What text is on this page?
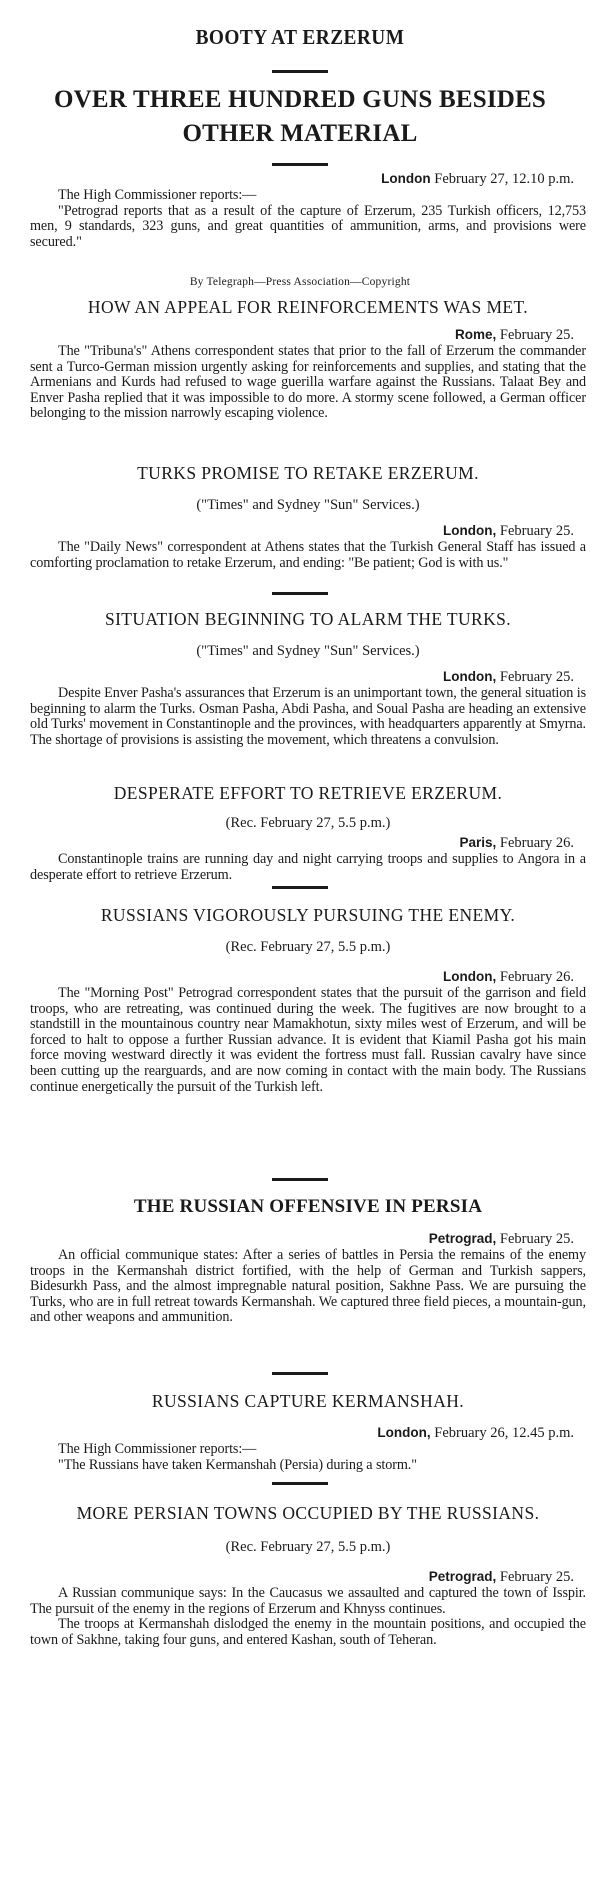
BOOTY AT ERZERUM
OVER THREE HUNDRED GUNS BESIDES OTHER MATERIAL

London February 27, 12.10 p.m.

The High Commissioner reports:—

"Petrograd reports that as a result of the capture of Erzerum, 235 Turkish officers, 12,753 men, 9 standards, 323 guns, and great quantities of ammunition, arms, and provisions were secured."

By Telegraph—Press Association—Copyright

HOW AN APPEAL FOR REINFORCEMENTS WAS MET.

Rome, February 25.

The "Tribuna's" Athens correspondent states that prior to the fall of Erzerum the commander sent a Turco-German mission urgently asking for reinforcements and supplies, and stating that the Armenians and Kurds had refused to wage guerilla warfare against the Russians. Talaat Bey and Enver Pasha replied that it was impossible to do more. A stormy scene followed, a German officer belonging to the mission narrowly escaping violence.

TURKS PROMISE TO RETAKE ERZERUM.

("Times" and Sydney "Sun" Services.)

London, February 25.

The "Daily News" correspondent at Athens states that the Turkish General Staff has issued a comforting proclamation to retake Erzerum, and ending: "Be patient; God is with us."

SITUATION BEGINNING TO ALARM THE TURKS.

("Times" and Sydney "Sun" Services.)

London, February 25.

Despite Enver Pasha's assurances that Erzerum is an unimportant town, the general situation is beginning to alarm the Turks. Osman Pasha, Abdi Pasha, and Soual Pasha are heading an extensive old Turks' movement in Constantinople and the provinces, with headquarters apparently at Smyrna. The shortage of provisions is assisting the movement, which threatens a convulsion.

DESPERATE EFFORT TO RETRIEVE ERZERUM.

(Rec. February 27, 5.5 p.m.)

Paris, February 26.

Constantinople trains are running day and night carrying troops and supplies to Angora in a desperate effort to retrieve Erzerum.

RUSSIANS VIGOROUSLY PURSUING THE ENEMY.

(Rec. February 27, 5.5 p.m.)

London, February 26.

The "Morning Post" Petrograd correspondent states that the pursuit of the garrison and field troops, who are retreating, was continued during the week. The fugitives are now brought to a standstill in the mountainous country near Mamakhotun, sixty miles west of Erzerum, and will be forced to halt to oppose a further Russian advance. It is evident that Kiamil Pasha got his main force moving westward directly it was evident the fortress must fall. Russian cavalry have since been cutting up the rearguards, and are now coming in contact with the main body. The Russians continue energetically the pursuit of the Turkish left.

THE RUSSIAN OFFENSIVE IN PERSIA

Petrograd, February 25.

An official communique states: After a series of battles in Persia the remains of the enemy troops in the Kermanshah district fortified, with the help of German and Turkish sappers, Bidesurkh Pass, and the almost impregnable natural position, Sakhne Pass. We are pursuing the Turks, who are in full retreat towards Kermanshah. We captured three field pieces, a mountain-gun, and other weapons and ammunition.

RUSSIANS CAPTURE KERMANSHAH.

London, February 26, 12.45 p.m.

The High Commissioner reports:—

"The Russians have taken Kermanshah (Persia) during a storm."

MORE PERSIAN TOWNS OCCUPIED BY THE RUSSIANS.

(Rec. February 27, 5.5 p.m.)

Petrograd, February 25.

A Russian communique says: In the Caucasus we assaulted and captured the town of Isspir. The pursuit of the enemy in the regions of Erzerum and Khnyss continues.

The troops at Kermanshah dislodged the enemy in the mountain positions, and occupied the town of Sakhne, taking four guns, and entered Kashan, south of Teheran.
